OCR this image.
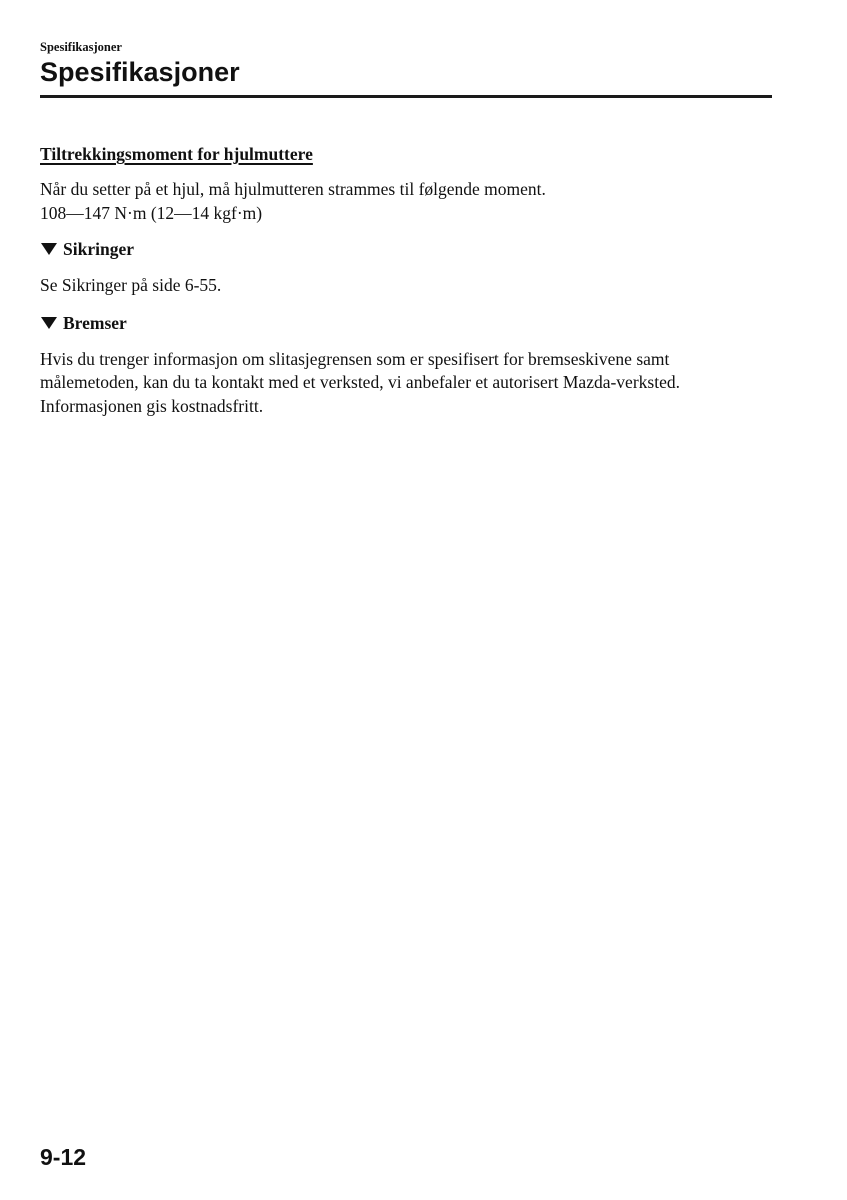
Spesifikasjoner
Spesifikasjoner
Tiltrekkingsmoment for hjulmuttere

Når du setter på et hjul, må hjulmutteren strammes til følgende moment.
108—147 N·m (12—14 kgf·m)

Sikringer

Se Sikringer på side 6-55.

Bremser

Hvis du trenger informasjon om slitasjegrensen som er spesifisert for bremseskivene samt
målemetoden, kan du ta kontakt med et verksted, vi anbefaler et autorisert Mazda-verksted.
Informasjonen gis kostnadsfritt.

9-12
